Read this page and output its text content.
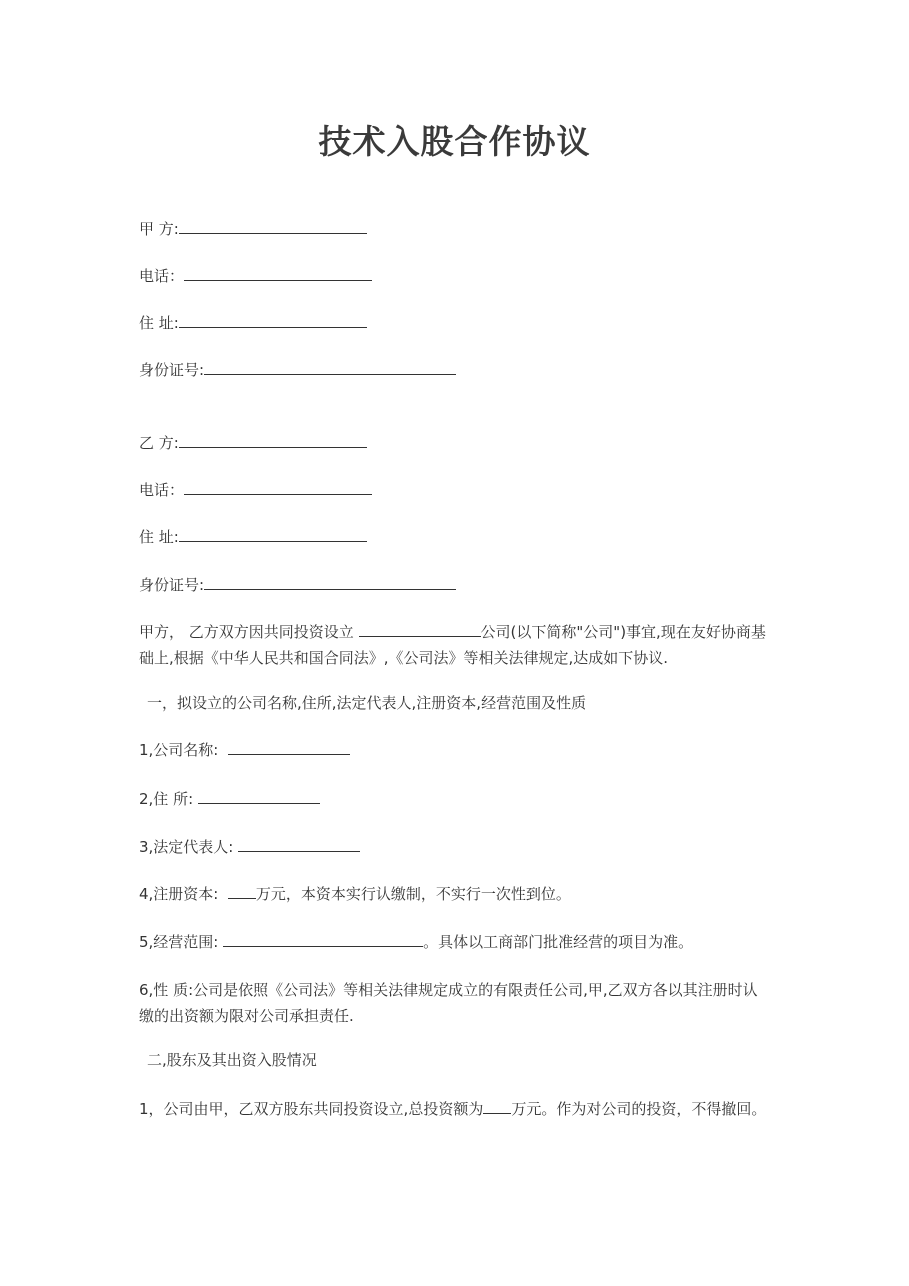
技术入股合作协议
甲 方:
电话：
住 址:
身份证号:
乙 方:
电话：
住 址:
身份证号:
甲方， 乙方双方因共同投资设立	公司(以下简称"公司")事宜,现在友好协商基础上,根据《中华人民共和国合同法》,《公司法》等相关法律规定,达成如下协议.
一，拟设立的公司名称,住所,法定代表人,注册资本,经营范围及性质
1,公司名称:
2,住 所:
3,法定代表人:
4,注册资本:	万元，本资本实行认缴制，不实行一次性到位。
5,经营范围:	。具体以工商部门批准经营的项目为准。
6,性 质:公司是依照《公司法》等相关法律规定成立的有限责任公司,甲,乙双方各以其注册时认缴的出资额为限对公司承担责任.
二,股东及其出资入股情况
1，公司由甲，乙双方股东共同投资设立,总投资额为 万元。作为对公司的投资，不得撤回。
